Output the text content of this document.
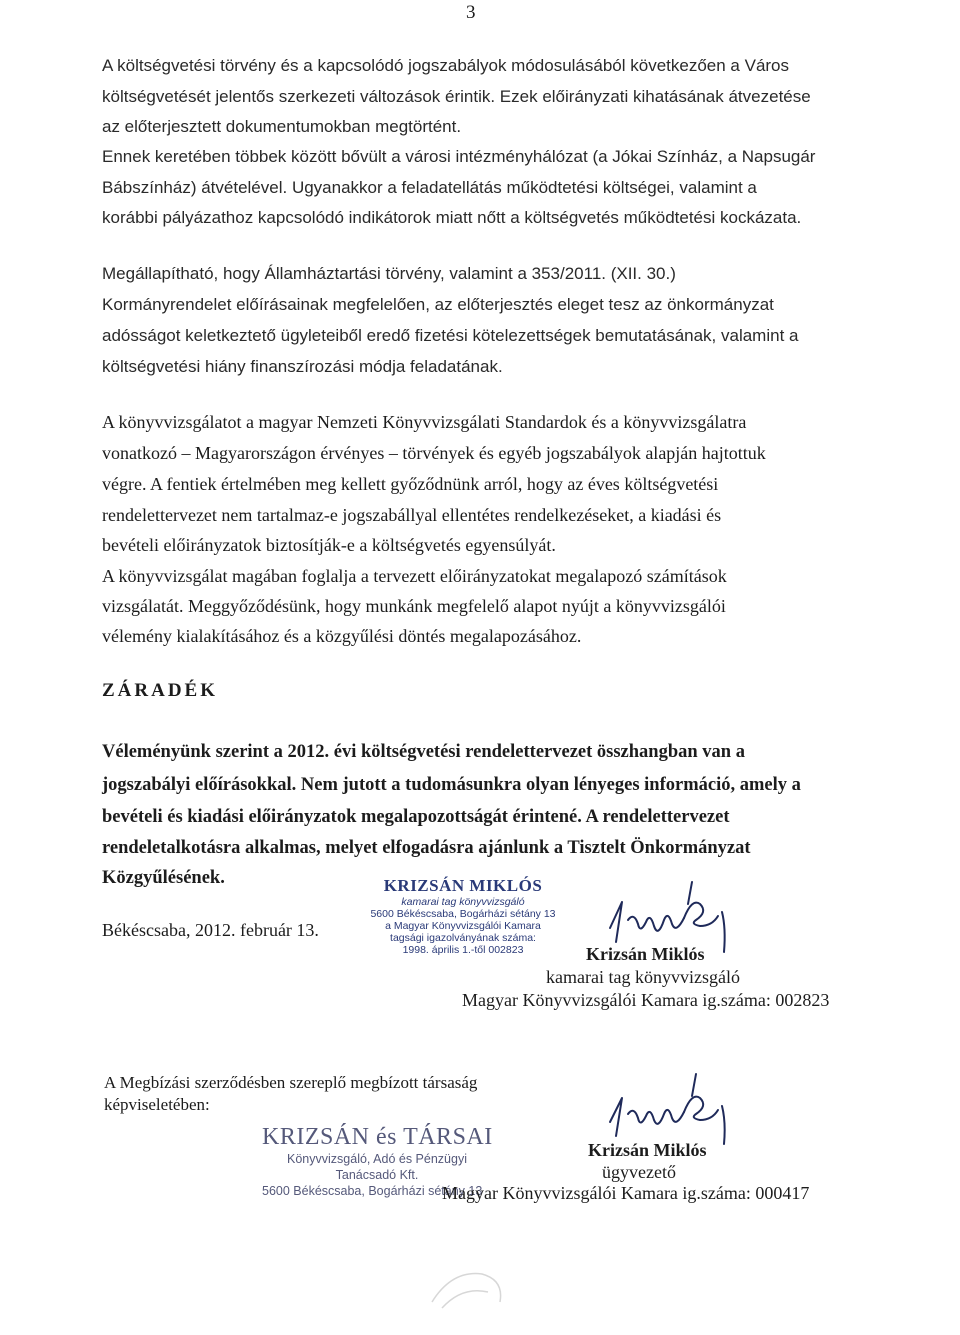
3
A költségvetési törvény és a kapcsolódó jogszabályok módosulásából következően a Város
költségvetését jelentős szerkezeti változások érintik. Ezek előirányzati kihatásának átvezetése
az előterjesztett dokumentumokban megtörtént.
Ennek keretében többek között bővült a városi intézményhálózat (a Jókai Színház, a Napsugár
Bábszínház) átvételével. Ugyanakkor a feladatellátás működtetési költségei, valamint a
korábbi pályázathoz kapcsolódó indikátorok miatt nőtt a költségvetés működtetési kockázata.
Megállapítható, hogy Államháztartási törvény, valamint a 353/2011. (XII. 30.)
Kormányrendelet előírásainak megfelelően, az előterjesztés eleget tesz az önkormányzat
adósságot keletkeztető ügyleteiből eredő fizetési kötelezettségek bemutatásának, valamint a
költségvetési hiány finanszírozási módja feladatának.
A könyvvizsgálatot a magyar Nemzeti Könyvvizsgálati Standardok és a könyvvizsgálatra
vonatkozó – Magyarországon érvényes – törvények és egyéb jogszabályok alapján hajtottuk
végre. A fentiek értelmében meg kellett győződnünk arról, hogy az éves költségvetési
rendelettervezet nem tartalmaz-e jogszabállyal ellentétes rendelkezéseket, a kiadási és
bevételi előirányzatok biztosítják-e a költségvetés egyensúlyát.
A könyvvizsgálat magában foglalja a tervezett előirányzatokat megalapozó számítások
vizsgálatát. Meggyőződésünk, hogy munkánk megfelelő alapot nyújt a könyvvizsgálói
vélemény kialakításához és a közgyűlési döntés megalapozásához.
ZÁRADÉK
Véleményünk szerint a 2012. évi költségvetési rendelettervezet összhangban van a
jogszabályi előírásokkal. Nem jutott a tudomásunkra olyan lényeges információ, amely a
bevételi és kiadási előirányzatok megalapozottságát érintené. A rendelettervezet
rendeletalkotásra alkalmas, melyet elfogadásra ajánlunk a Tisztelt Önkormányzat
Közgyűlésének.
Békéscsaba, 2012. február 13.
KRIZSÁN MIKLÓS
kamarai tag könyvvizsgáló
5600 Békéscsaba, Bogárházi sétány 13
a Magyar Könyvvizsgálói Kamara
tagsági igazolványának száma:
1998. április 1.-től 002823	Krizsán Miklós
kamarai tag könyvvizsgáló
Magyar Könyvvizsgálói Kamara ig.száma: 002823
A Megbízási szerződésben szereplő megbízott társaság
képviseletében:
KRIZSÁN és TÁRSAI
Könyvvizsgáló, Adó és Pénzügyi
Tanácsadó Kft.
5600 Békéscsaba, Bogárházi sétány 13
Krizsán Miklós
ügyvezető
Magyar Könyvvizsgálói Kamara ig.száma: 000417
